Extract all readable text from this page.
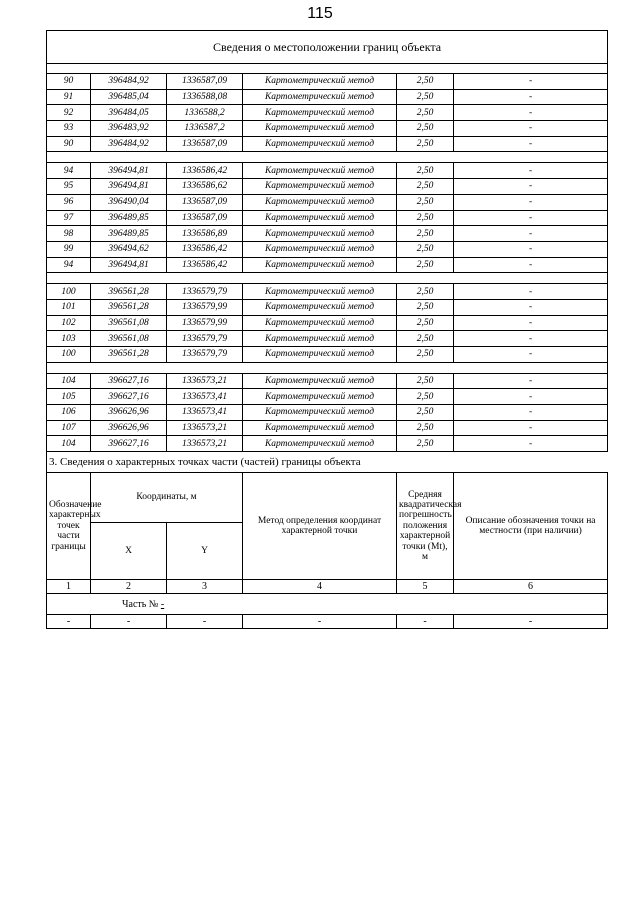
115
Сведения о местоположении границ объекта					

90	396484,92	1336587,09	Картометрический метод	2,50	-
91	396485,04	1336588,08	Картометрический метод	2,50	-
92	396484,05	1336588,2	Картометрический метод	2,50	-
93	396483,92	1336587,2	Картометрический метод	2,50	-
90	396484,92	1336587,09	Картометрический метод	2,50	-

94	396494,81	1336586,42	Картометрический метод	2,50	-
95	396494,81	1336586,62	Картометрический метод	2,50	-
96	396490,04	1336587,09	Картометрический метод	2,50	-
97	396489,85	1336587,09	Картометрический метод	2,50	-
98	396489,85	1336586,89	Картометрический метод	2,50	-
99	396494,62	1336586,42	Картометрический метод	2,50	-
94	396494,81	1336586,42	Картометрический метод	2,50	-

100	396561,28	1336579,79	Картометрический метод	2,50	-
101	396561,28	1336579,99	Картометрический метод	2,50	-
102	396561,08	1336579,99	Картометрический метод	2,50	-
103	396561,08	1336579,79	Картометрический метод	2,50	-
100	396561,28	1336579,79	Картометрический метод	2,50	-

104	396627,16	1336573,21	Картометрический метод	2,50	-
105	396627,16	1336573,41	Картометрический метод	2,50	-
106	396626,96	1336573,41	Картометрический метод	2,50	-
107	396626,96	1336573,21	Картометрический метод	2,50	-
104	396627,16	1336573,21	Картометрический метод	2,50	-
3. Сведения о характерных точках части (частей) границы объекта					
Обозначение характерных точек части границы	Координаты, м		Метод определения координат характерной точки	Средняя квадратическая погрешность положения характерной точки (Мt), м	Описание обозначения точки на местности (при наличии)
	X	Y			
1	2	3	4	5	6
Часть № -					
-	-	-	-	-	-
